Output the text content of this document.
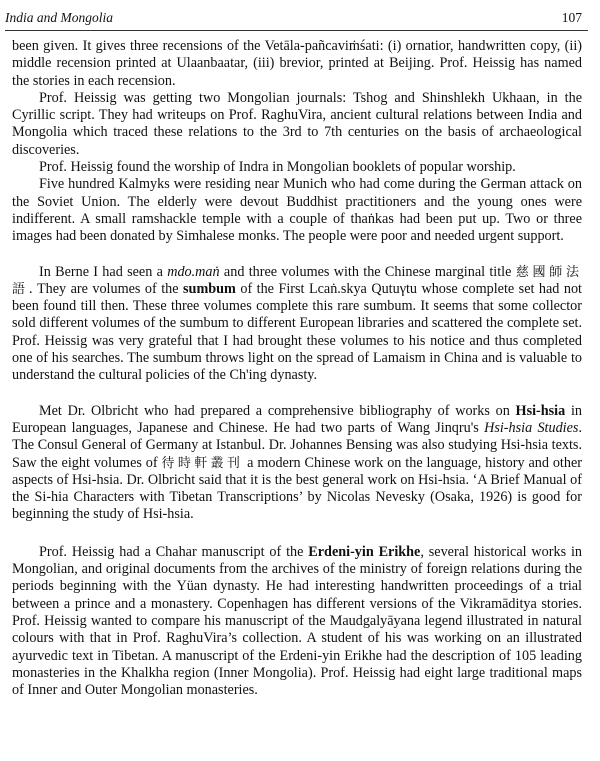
India and Mongolia	107

been given. It gives three recensions of the Vetāla-pañcaviṁśati: (i) ornatior, handwritten copy, (ii) middle recension printed at Ulaanbaatar, (iii) brevior, printed at Beijing. Prof. Heissig has named the stories in each recension.

Prof. Heissig was getting two Mongolian journals: Tshog and Shinshlekh Ukhaan, in the Cyrillic script. They had writeups on Prof. RaghuVira, ancient cultural relations between India and Mongolia which traced these relations to the 3rd to 7th centuries on the basis of archaeological discoveries.

Prof. Heissig found the worship of Indra in Mongolian booklets of popular worship.

Five hundred Kalmyks were residing near Munich who had come during the German attack on the Soviet Union. The elderly were devout Buddhist practitioners and the young ones were indifferent. A small ramshackle temple with a couple of thaṅkas had been put up. Two or three images had been donated by Simhalese monks. The people were poor and needed urgent support.

In Berne I had seen a mdo.maṅ and three volumes with the Chinese marginal title 慈國師法語. They are volumes of the sumbum of the First Lcaṅ.skya Qutuγtu whose complete set had not been found till then. These three volumes complete this rare sumbum. It seems that some collector sold different volumes of the sumbum to different European libraries and scattered the complete set. Prof. Heissig was very grateful that I had brought these volumes to his notice and thus completed one of his searches. The sumbum throws light on the spread of Lamaism in China and is valuable to understand the cultural policies of the Ch'ing dynasty.

Met Dr. Olbricht who had prepared a comprehensive bibliography of works on Hsi-hsia in European languages, Japanese and Chinese. He had two parts of Wang Jinqru's Hsi-hsia Studies. The Consul General of Germany at Istanbul. Dr. Johannes Bensing was also studying Hsi-hsia texts. Saw the eight volumes of 待時軒叢刊 a modern Chinese work on the language, history and other aspects of Hsi-hsia. Dr. Olbricht said that it is the best general work on Hsi-hsia. ‘A Brief Manual of the Si-hia Characters with Tibetan Transcriptions’ by Nicolas Nevesky (Osaka, 1926) is good for beginning the study of Hsi-hsia.

Prof. Heissig had a Chahar manuscript of the Erdeni-yin Erikhe, several historical works in Mongolian, and original documents from the archives of the ministry of foreign relations during the periods beginning with the Yüan dynasty. He had interesting handwritten proceedings of a trial between a prince and a monastery. Copenhagen has different versions of the Vikramāditya stories. Prof. Heissig wanted to compare his manuscript of the Maudgalyāyana legend illustrated in natural colours with that in Prof. RaghuVira’s collection. A student of his was working on an illustrated ayurvedic text in Tibetan. A manuscript of the Erdeni-yin Erikhe had the description of 105 leading monasteries in the Khalkha region (Inner Mongolia). Prof. Heissig had eight large traditional maps of Inner and Outer Mongolian monasteries.
